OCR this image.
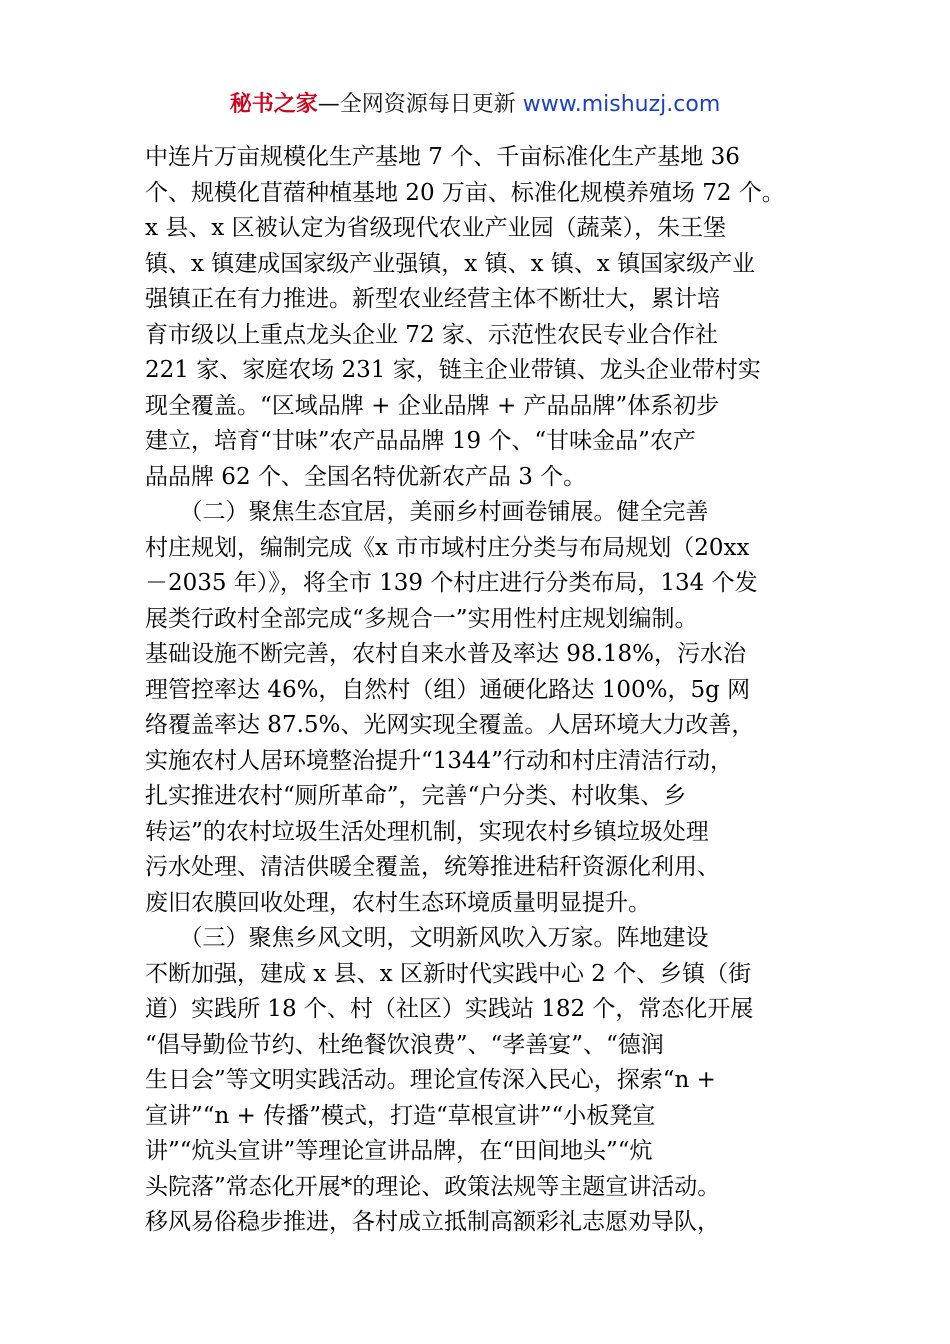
秘书之家—全网资源每日更新 www.mishuzj.com
中连片万亩规模化生产基地 7 个、千亩标准化生产基地 36
个、规模化苜蓿种植基地 20 万亩、标准化规模养殖场 72 个。
x 县、x 区被认定为省级现代农业产业园（蔬菜），朱王堡
镇、x 镇建成国家级产业强镇，x 镇、x 镇、x 镇国家级产业
强镇正在有力推进。新型农业经营主体不断壮大，累计培
育市级以上重点龙头企业 72 家、示范性农民专业合作社
221 家、家庭农场 231 家，链主企业带镇、龙头企业带村实
现全覆盖。“区域品牌 + 企业品牌 + 产品品牌”体系初步
建立，培育“甘味”农产品品牌 19 个、“甘味金品”农产
品品牌 62 个、全国名特优新农产品 3 个。
　　（二）聚焦生态宜居，美丽乡村画卷铺展。健全完善
村庄规划，编制完成《x 市市域村庄分类与布局规划（20xx
－2035 年）》，将全市 139 个村庄进行分类布局，134 个发
展类行政村全部完成“多规合一”实用性村庄规划编制。
基础设施不断完善，农村自来水普及率达 98.18%，污水治
理管控率达 46%，自然村（组）通硬化路达 100%，5g 网
络覆盖率达 87.5%、光网实现全覆盖。人居环境大力改善，
实施农村人居环境整治提升“1344”行动和村庄清洁行动，
扎实推进农村“厕所革命”，完善“户分类、村收集、乡
转运”的农村垃圾生活处理机制，实现农村乡镇垃圾处理
污水处理、清洁供暖全覆盖，统筹推进秸秆资源化利用、
废旧农膜回收处理，农村生态环境质量明显提升。
　　（三）聚焦乡风文明，文明新风吹入万家。阵地建设
不断加强，建成 x 县、x 区新时代实践中心 2 个、乡镇（街
道）实践所 18 个、村（社区）实践站 182 个，常态化开展
“倡导勤俭节约、杜绝餐饮浪费”、“孝善宴”、“德润
生日会”等文明实践活动。理论宣传深入民心，探索“n +
宣讲”“n + 传播”模式，打造“草根宣讲”“小板凳宣
讲”“炕头宣讲”等理论宣讲品牌，在“田间地头”“炕
头院落”常态化开展*的理论、政策法规等主题宣讲活动。
移风易俗稳步推进，各村成立抵制高额彩礼志愿劝导队，
